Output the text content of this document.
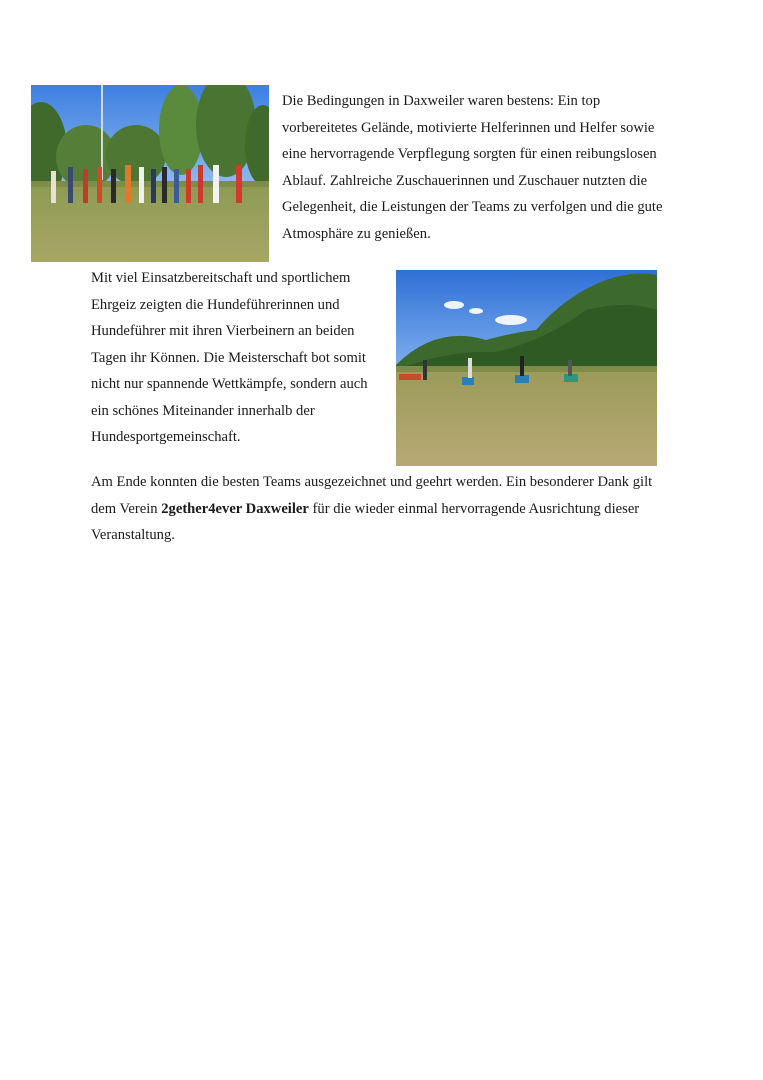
Die Bedingungen in Daxweiler waren bestens: Ein top vorbereitetes Gelände, motivierte Helferinnen und Helfer sowie eine hervorragende Verpflegung sorgten für einen reibungslosen Ablauf. Zahlreiche Zuschauerinnen und Zuschauer nutzten die Gelegenheit, die Leistungen der Teams zu verfolgen und die gute Atmosphäre zu genießen.

Mit viel Einsatzbereitschaft und sportlichem Ehrgeiz zeigten die Hundeführerinnen und Hundeführer mit ihren Vierbeinern an beiden Tagen ihr Können. Die Meisterschaft bot somit nicht nur spannende Wettkämpfe, sondern auch ein schönes Miteinander innerhalb der Hundesportgemeinschaft.

Am Ende konnten die besten Teams ausgezeichnet und geehrt werden. Ein besonderer Dank gilt dem Verein 2gether4ever Daxweiler für die wieder einmal hervorragende Ausrichtung dieser Veranstaltung.
